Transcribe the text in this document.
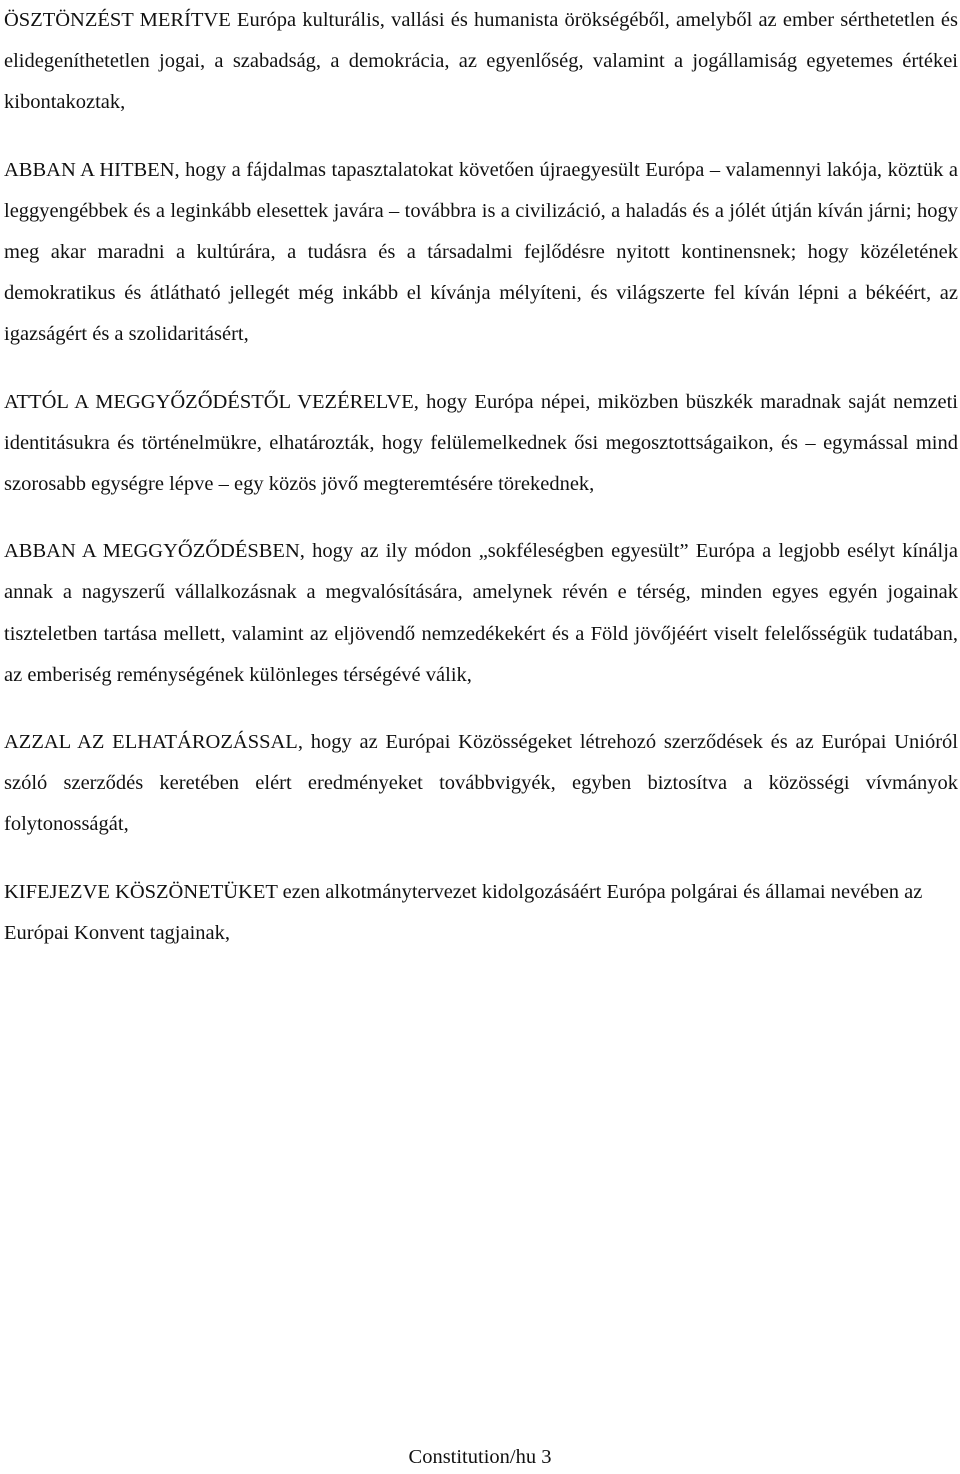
ÖSZTÖNZÉST MERÍTVE Európa kulturális, vallási és humanista örökségéből, amelyből az ember sérthetetlen és elidegeníthetetlen jogai, a szabadság, a demokrácia, az egyenlőség, valamint a jogállamiság egyetemes értékei kibontakoztak,

ABBAN A HITBEN, hogy a fájdalmas tapasztalatokat követően újraegyesült Európa – valamennyi lakója, köztük a leggyengébbek és a leginkább elesettek javára – továbbra is a civilizáció, a haladás és a jólét útján kíván járni; hogy meg akar maradni a kultúrára, a tudásra és a társadalmi fejlődésre nyitott kontinensnek; hogy közéletének demokratikus és átlátható jellegét még inkább el kívánja mélyíteni, és világszerte fel kíván lépni a békéért, az igazságért és a szolidaritásért,

ATTÓL A MEGGYŐZŐDÉSTŐL VEZÉRELVE, hogy Európa népei, miközben büszkék maradnak saját nemzeti identitásukra és történelmükre, elhatározták, hogy felülemelkednek ősi megosztottságaikon, és – egymással mind szorosabb egységre lépve – egy közös jövő megteremtésére törekednek,

ABBAN A MEGGYŐZŐDÉSBEN, hogy az ily módon „sokféleségben egyesült” Európa a legjobb esélyt kínálja annak a nagyszerű vállalkozásnak a megvalósítására, amelynek révén e térség, minden egyes egyén jogainak tiszteletben tartása mellett, valamint az eljövendő nemzedékekért és a Föld jövőjéért viselt felelősségük tudatában, az emberiség reménységének különleges térségévé válik,

AZZAL AZ ELHATÁROZÁSSAL, hogy az Európai Közösségeket létrehozó szerződések és az Európai Unióról szóló szerződés keretében elért eredményeket továbbvigyék, egyben biztosítva a közösségi vívmányok folytonosságát,

KIFEJEZVE KÖSZÖNETÜKET ezen alkotmánytervezet kidolgozásáért Európa polgárai és államai nevében az Európai Konvent tagjainak,

Constitution/hu 3
